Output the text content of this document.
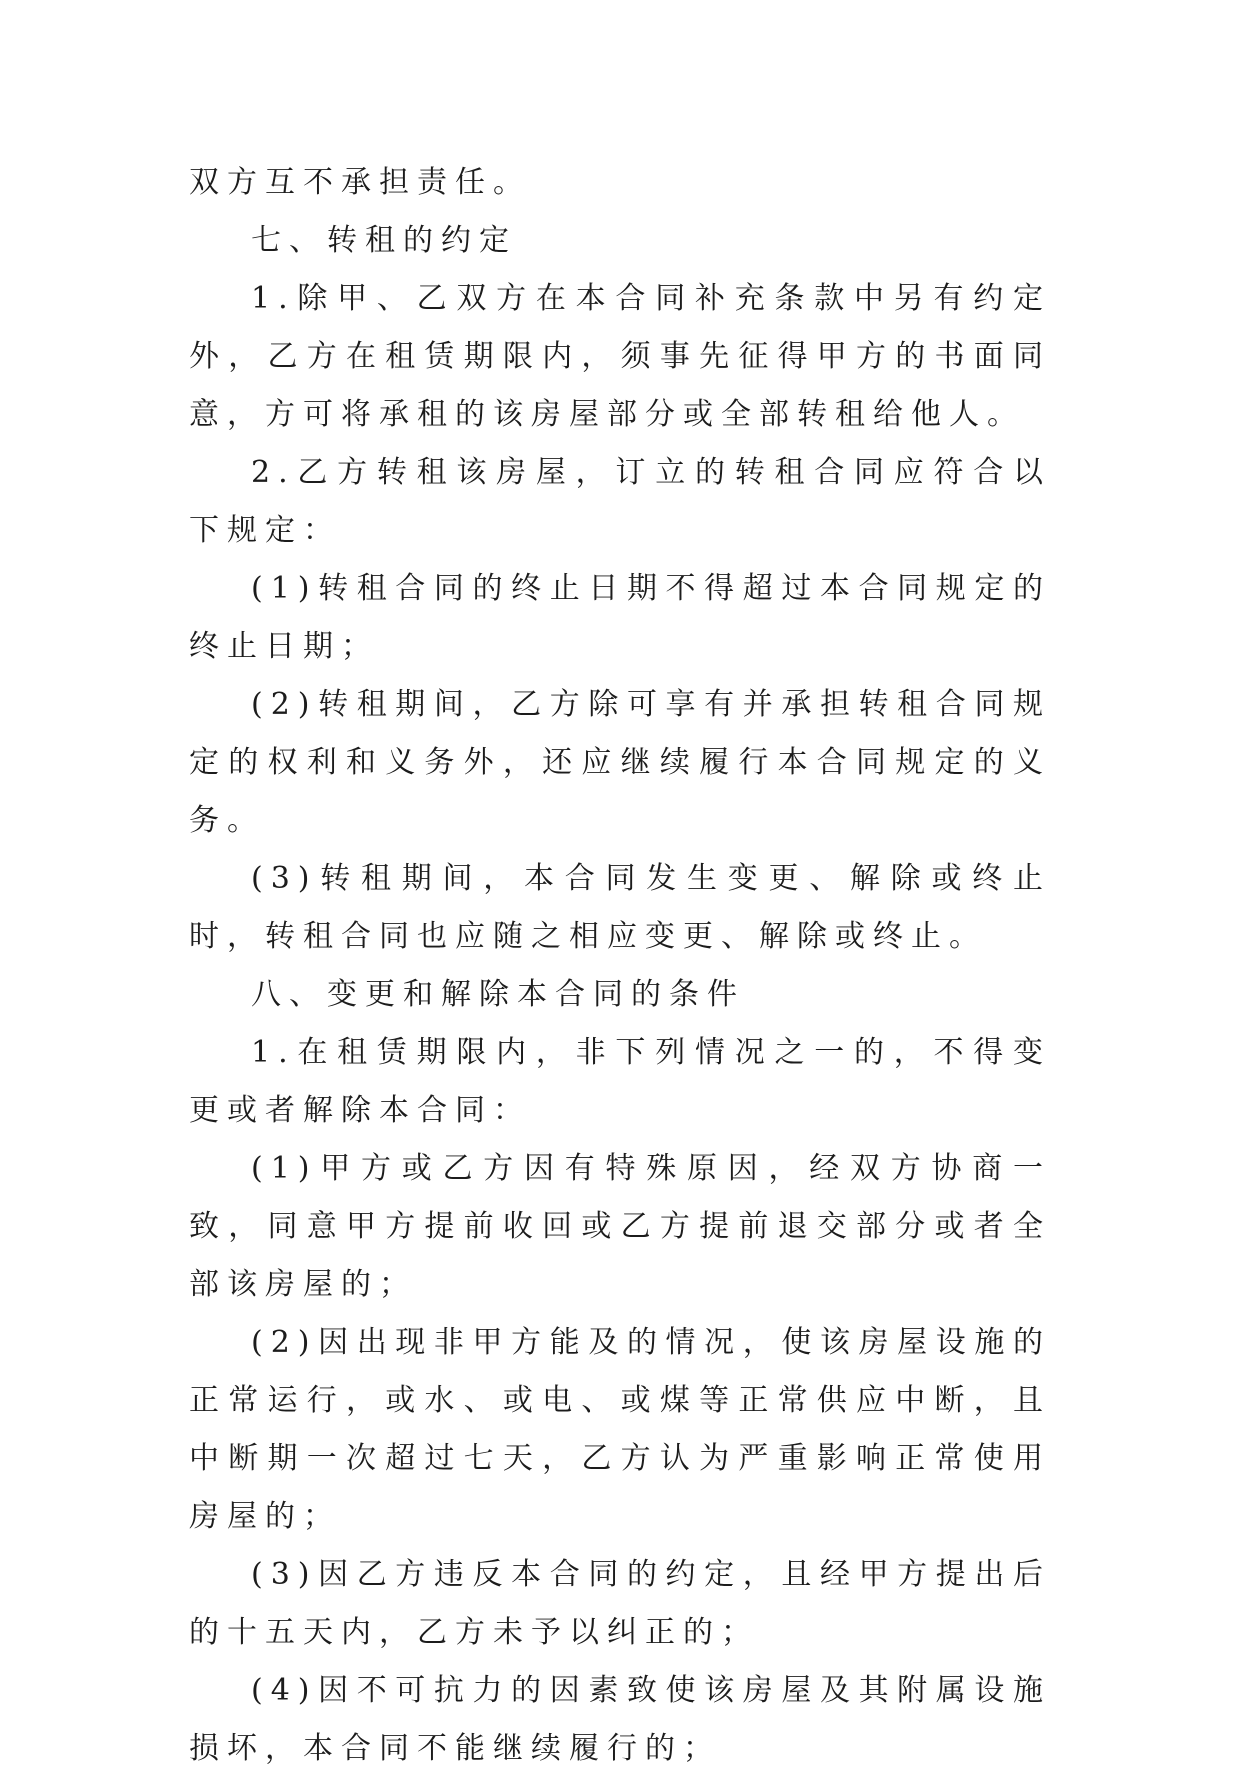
双方互不承担责任。

七、转租的约定

1.除甲、乙双方在本合同补充条款中另有约定外，乙方在租赁期限内，须事先征得甲方的书面同意，方可将承租的该房屋部分或全部转租给他人。

2.乙方转租该房屋，订立的转租合同应符合以下规定：

(1)转租合同的终止日期不得超过本合同规定的终止日期；

(2)转租期间，乙方除可享有并承担转租合同规定的权利和义务外，还应继续履行本合同规定的义务。

(3)转租期间，本合同发生变更、解除或终止时，转租合同也应随之相应变更、解除或终止。

八、变更和解除本合同的条件

1.在租赁期限内，非下列情况之一的，不得变更或者解除本合同：

(1)甲方或乙方因有特殊原因，经双方协商一致，同意甲方提前收回或乙方提前退交部分或者全部该房屋的；

(2)因出现非甲方能及的情况，使该房屋设施的正常运行，或水、或电、或煤等正常供应中断，且中断期一次超过七天，乙方认为严重影响正常使用房屋的；

(3)因乙方违反本合同的约定，且经甲方提出后的十五天内，乙方未予以纠正的；

(4)因不可抗力的因素致使该房屋及其附属设施损坏，本合同不能继续履行的；
